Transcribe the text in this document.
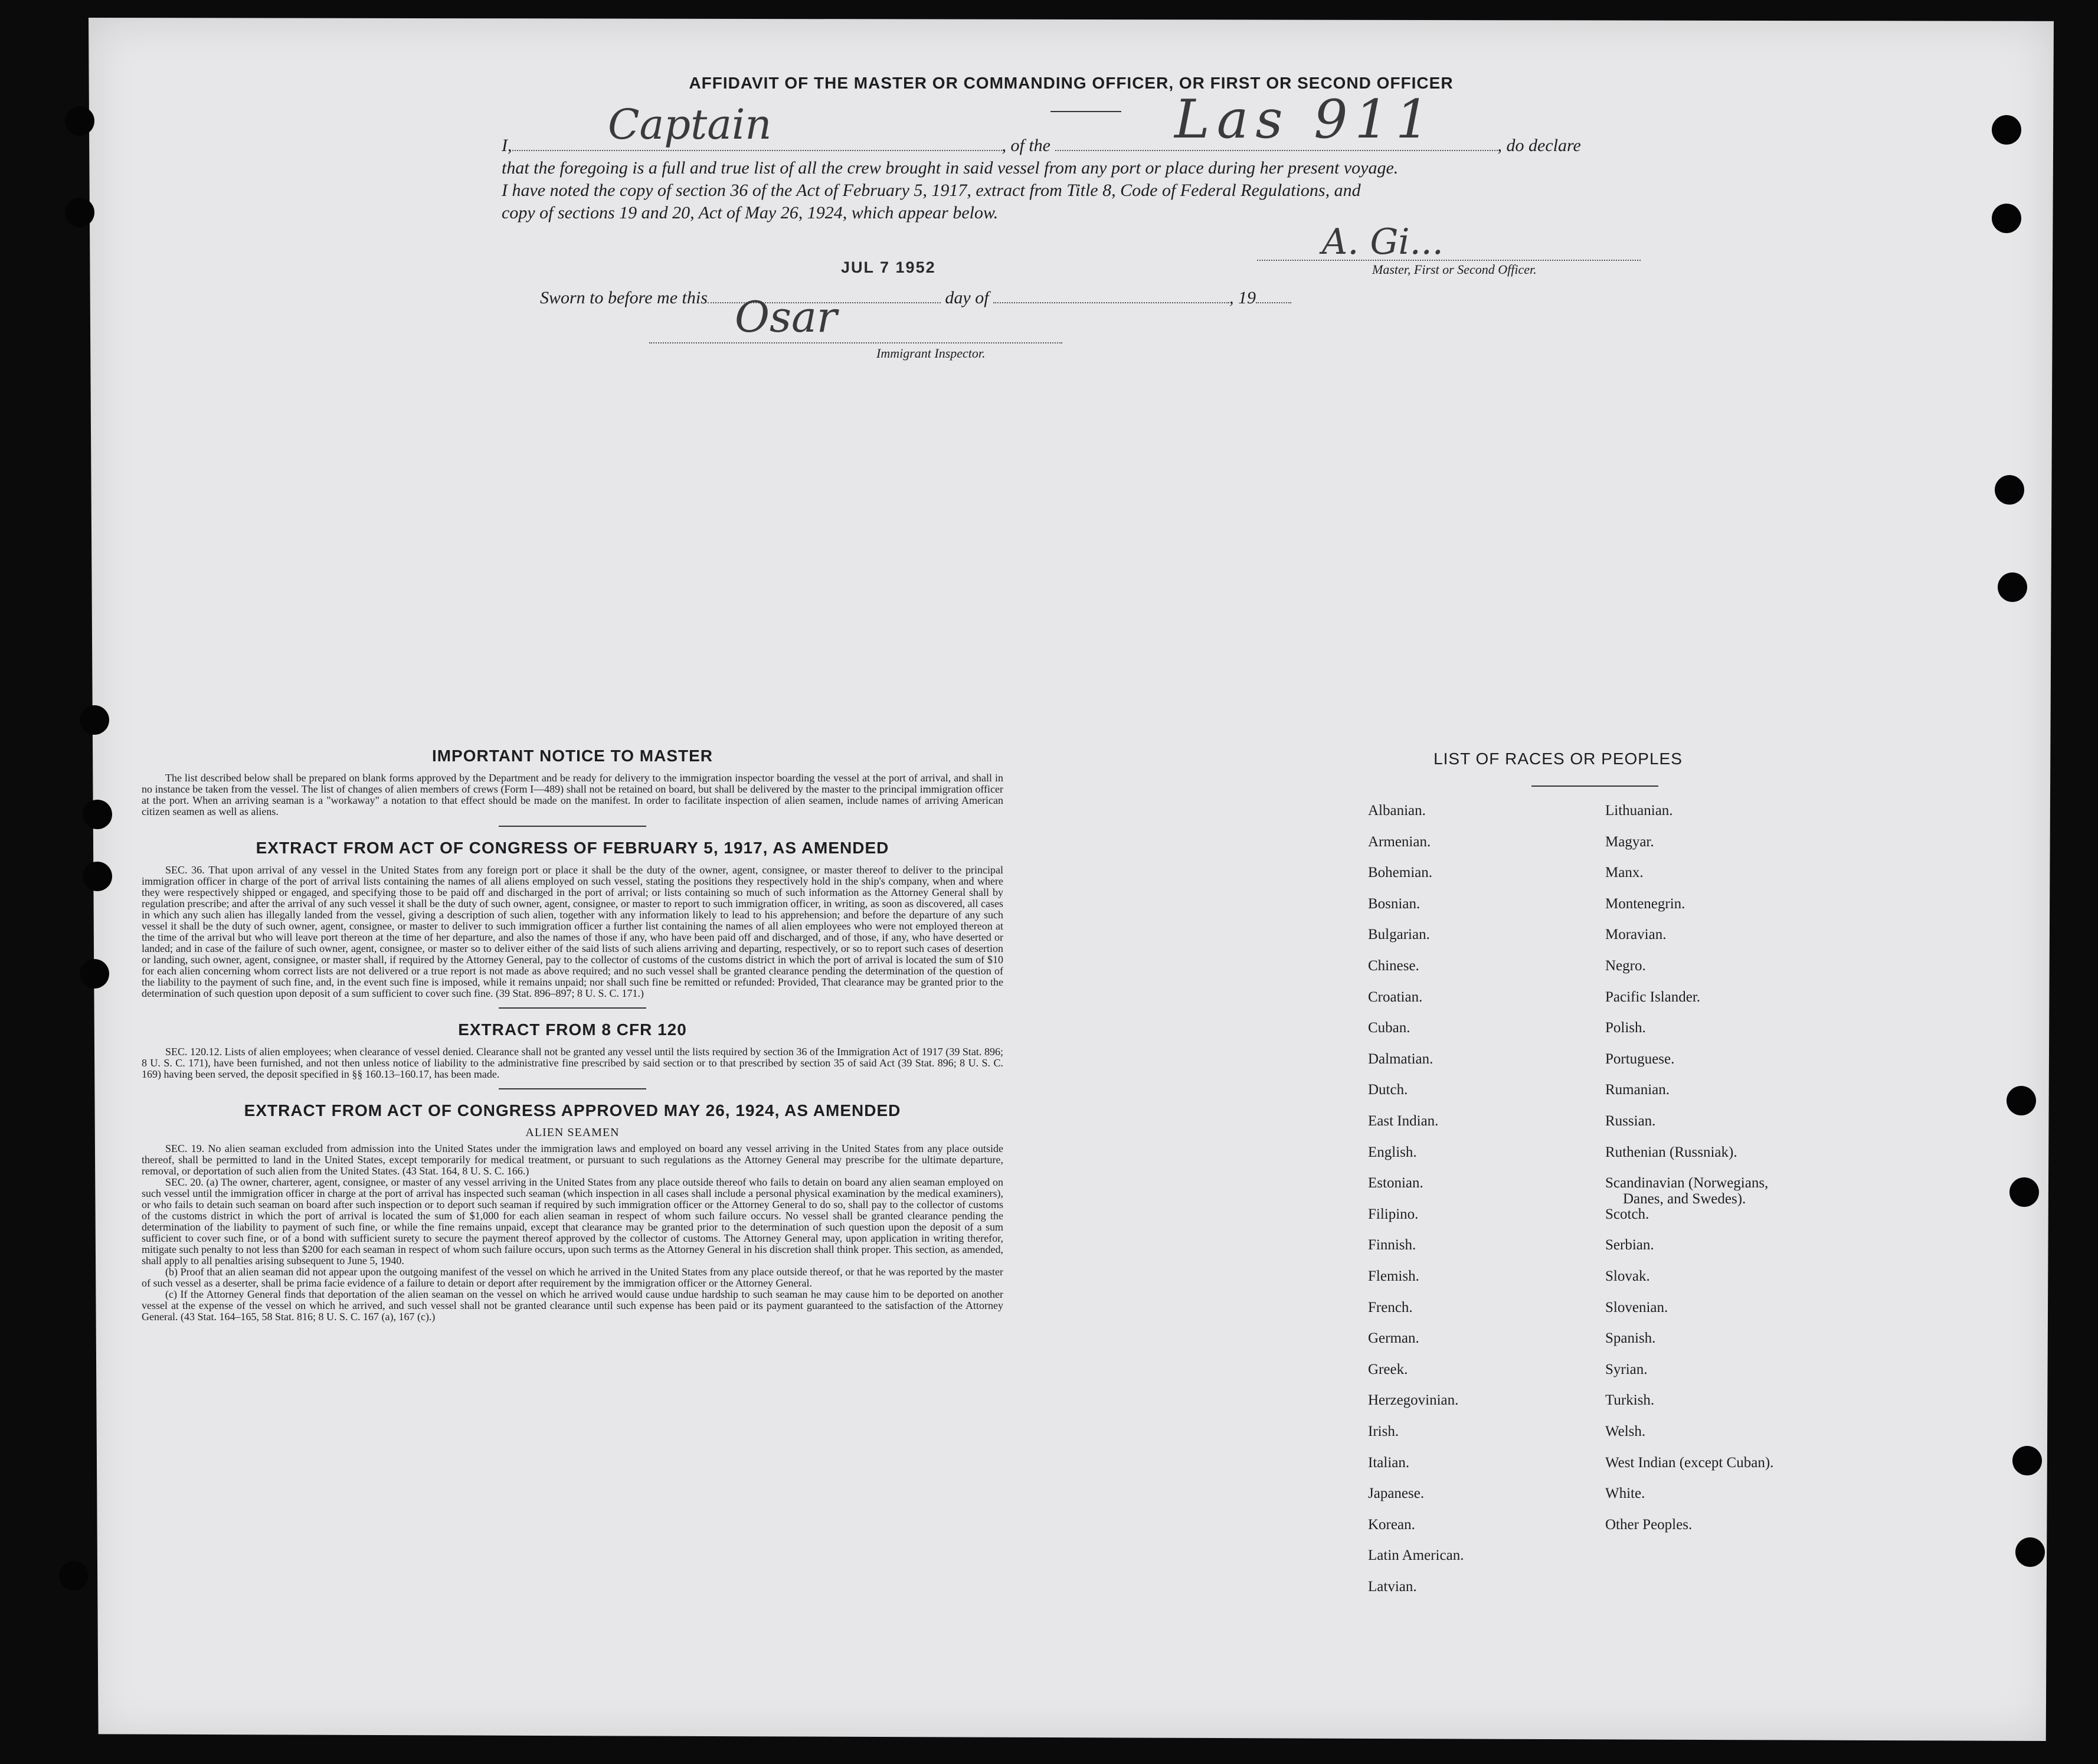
AFFIDAVIT OF THE MASTER OR COMMANDING OFFICER, OR FIRST OR SECOND OFFICER
I,	, of the	, do declare
that the foregoing is a full and true list of all the crew brought in said vessel from any port or place during her present voyage.
I have noted the copy of section 36 of the Act of February 5, 1917, extract from Title 8, Code of Federal Regulations, and
copy of sections 19 and 20, Act of May 26, 1924, which appear below.
Captain	Las 911
A. Gi...
Master, First or Second Officer.
JUL 7 1952
Sworn to before me this	day of	, 19
Osar
Immigrant Inspector.
IMPORTANT NOTICE TO MASTER

The list described below shall be prepared on blank forms approved by the Department and be ready for delivery to the immigration inspector boarding the vessel at the port of arrival, and shall in no instance be taken from the vessel. The list of changes of alien members of crews (Form I—489) shall not be retained on board, but shall be delivered by the master to the principal immigration officer at the port. When an arriving seaman is a "workaway" a notation to that effect should be made on the manifest. In order to facilitate inspection of alien seamen, include names of arriving American citizen seamen as well as aliens.

EXTRACT FROM ACT OF CONGRESS OF FEBRUARY 5, 1917, AS AMENDED

SEC. 36. That upon arrival of any vessel in the United States from any foreign port or place it shall be the duty of the owner, agent, consignee, or master thereof to deliver to the principal immigration officer in charge of the port of arrival lists containing the names of all aliens employed on such vessel, stating the positions they respectively hold in the ship's company, when and where they were respectively shipped or engaged, and specifying those to be paid off and discharged in the port of arrival; or lists containing so much of such information as the Attorney General shall by regulation prescribe; and after the arrival of any such vessel it shall be the duty of such owner, agent, consignee, or master to report to such immigration officer, in writing, as soon as discovered, all cases in which any such alien has illegally landed from the vessel, giving a description of such alien, together with any information likely to lead to his apprehension; and before the departure of any such vessel it shall be the duty of such owner, agent, consignee, or master to deliver to such immigration officer a further list containing the names of all alien employees who were not employed thereon at the time of the arrival but who will leave port thereon at the time of her departure, and also the names of those if any, who have been paid off and discharged, and of those, if any, who have deserted or landed; and in case of the failure of such owner, agent, consignee, or master so to deliver either of the said lists of such aliens arriving and departing, respectively, or so to report such cases of desertion or landing, such owner, agent, consignee, or master shall, if required by the Attorney General, pay to the collector of customs of the customs district in which the port of arrival is located the sum of $10 for each alien concerning whom correct lists are not delivered or a true report is not made as above required; and no such vessel shall be granted clearance pending the determination of the question of the liability to the payment of such fine, and, in the event such fine is imposed, while it remains unpaid; nor shall such fine be remitted or refunded: Provided, That clearance may be granted prior to the determination of such question upon deposit of a sum sufficient to cover such fine. (39 Stat. 896–897; 8 U. S. C. 171.)

EXTRACT FROM 8 CFR 120

SEC. 120.12. Lists of alien employees; when clearance of vessel denied. Clearance shall not be granted any vessel until the lists required by section 36 of the Immigration Act of 1917 (39 Stat. 896; 8 U. S. C. 171), have been furnished, and not then unless notice of liability to the administrative fine prescribed by said section or to that prescribed by section 35 of said Act (39 Stat. 896; 8 U. S. C. 169) having been served, the deposit specified in §§ 160.13–160.17, has been made.

EXTRACT FROM ACT OF CONGRESS APPROVED MAY 26, 1924, AS AMENDED
ALIEN SEAMEN

SEC. 19. No alien seaman excluded from admission into the United States under the immigration laws and employed on board any vessel arriving in the United States from any place outside thereof, shall be permitted to land in the United States, except temporarily for medical treatment, or pursuant to such regulations as the Attorney General may prescribe for the ultimate departure, removal, or deportation of such alien from the United States. (43 Stat. 164, 8 U. S. C. 166.)

SEC. 20. (a) The owner, charterer, agent, consignee, or master of any vessel arriving in the United States from any place outside thereof who fails to detain on board any alien seaman employed on such vessel until the immigration officer in charge at the port of arrival has inspected such seaman (which inspection in all cases shall include a personal physical examination by the medical examiners), or who fails to detain such seaman on board after such inspection or to deport such seaman if required by such immigration officer or the Attorney General to do so, shall pay to the collector of customs of the customs district in which the port of arrival is located the sum of $1,000 for each alien seaman in respect of whom such failure occurs. No vessel shall be granted clearance pending the determination of the liability to payment of such fine, or while the fine remains unpaid, except that clearance may be granted prior to the determination of such question upon the deposit of a sum sufficient to cover such fine, or of a bond with sufficient surety to secure the payment thereof approved by the collector of customs. The Attorney General may, upon application in writing therefor, mitigate such penalty to not less than $200 for each seaman in respect of whom such failure occurs, upon such terms as the Attorney General in his discretion shall think proper. This section, as amended, shall apply to all penalties arising subsequent to June 5, 1940.

(b) Proof that an alien seaman did not appear upon the outgoing manifest of the vessel on which he arrived in the United States from any place outside thereof, or that he was reported by the master of such vessel as a deserter, shall be prima facie evidence of a failure to detain or deport after requirement by the immigration officer or the Attorney General.

(c) If the Attorney General finds that deportation of the alien seaman on the vessel on which he arrived would cause undue hardship to such seaman he may cause him to be deported on another vessel at the expense of the vessel on which he arrived, and such vessel shall not be granted clearance until such expense has been paid or its payment guaranteed to the satisfaction of the Attorney General. (43 Stat. 164–165, 58 Stat. 816; 8 U. S. C. 167 (a), 167 (c).)

LIST OF RACES OR PEOPLES
Albanian.
Armenian.
Bohemian.
Bosnian.
Bulgarian.
Chinese.
Croatian.
Cuban.
Dalmatian.
Dutch.
East Indian.
English.
Estonian.
Filipino.
Finnish.
Flemish.
French.
German.
Greek.
Herzegovinian.
Irish.
Italian.
Japanese.
Korean.
Latin American.
Latvian.
Lithuanian.
Magyar.
Manx.
Montenegrin.
Moravian.
Negro.
Pacific Islander.
Polish.
Portuguese.
Rumanian.
Russian.
Ruthenian (Russniak).
Scandinavian (Norwegians,
Danes, and Swedes).
Scotch.
Serbian.
Slovak.
Slovenian.
Spanish.
Syrian.
Turkish.
Welsh.
West Indian (except Cuban).
White.
Other Peoples.
